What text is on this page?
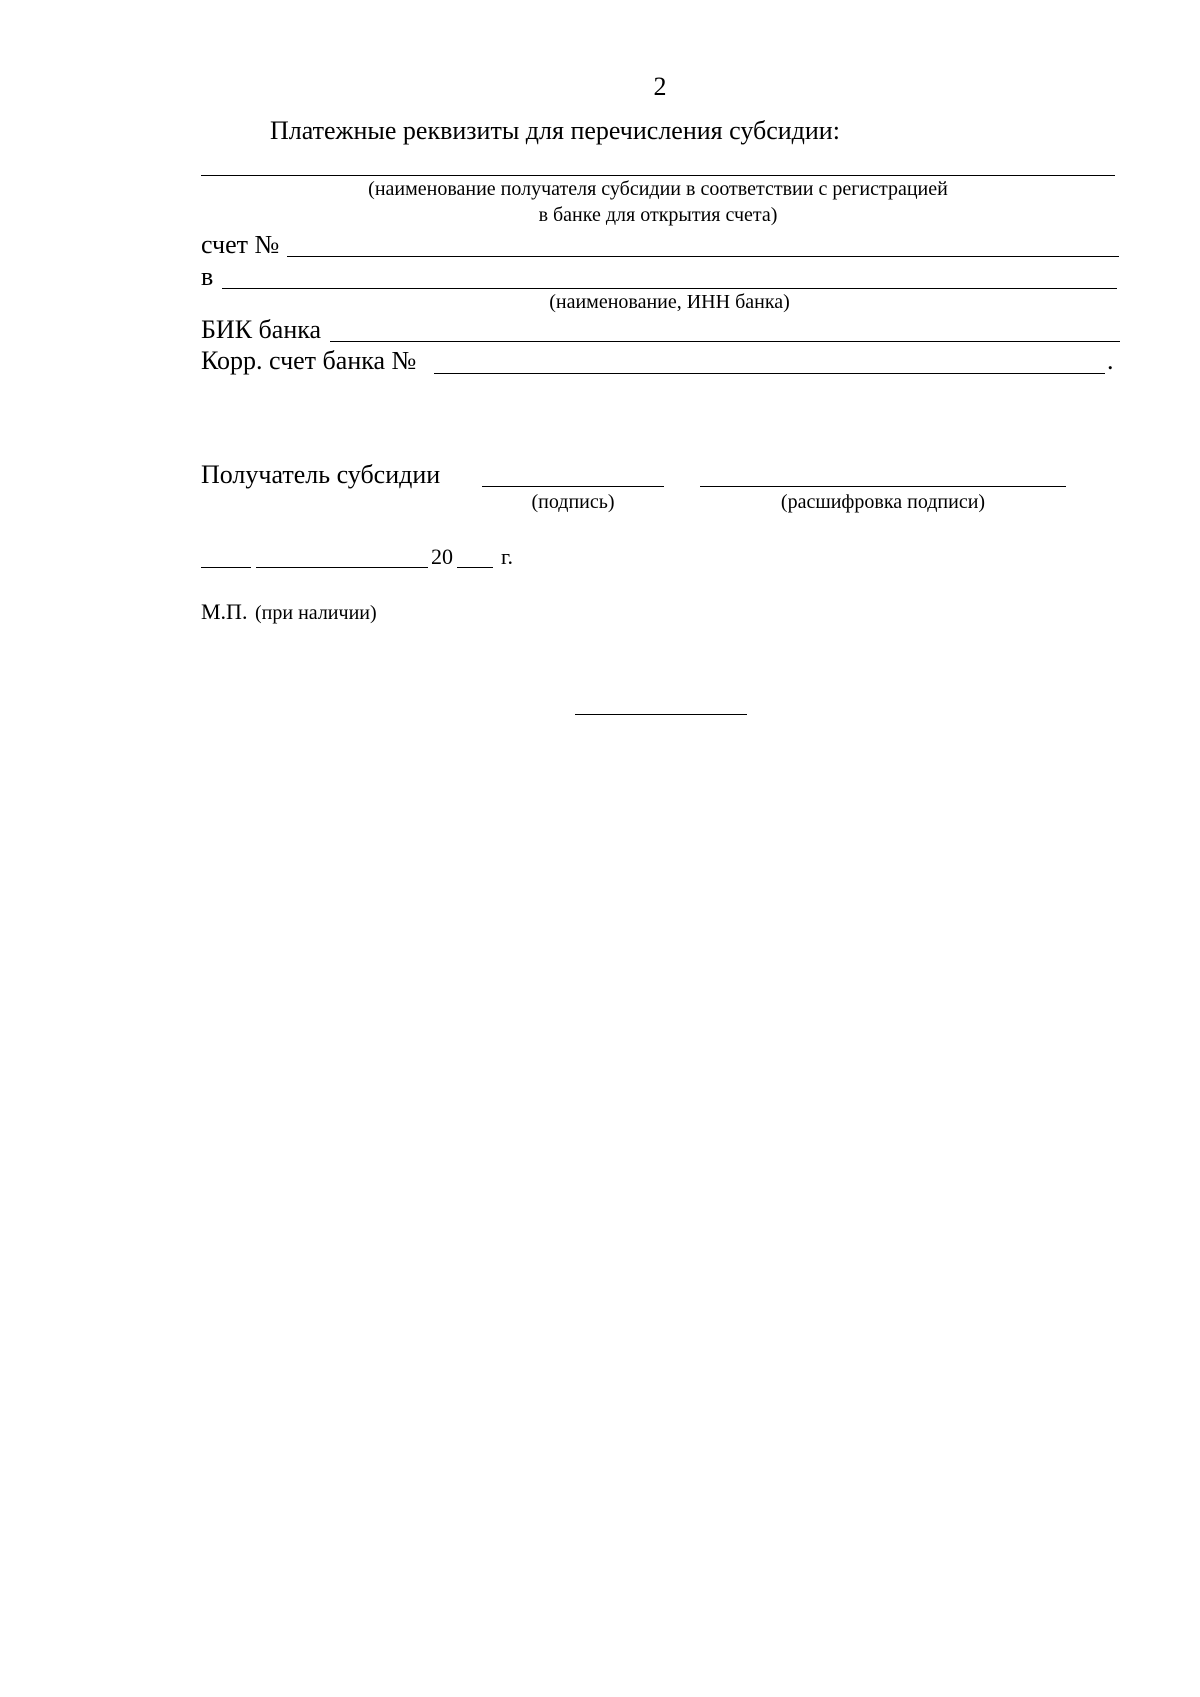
2
Платежные реквизиты для перечисления субсидии:
(наименование получателя субсидии в соответствии с регистрацией
в банке для открытия счета)
счет №
в
(наименование, ИНН банка)
БИК банка
Корр. счет банка №	.
Получатель субсидии
(подпись)	(расшифровка подписи)
20 г.
М.П. (при наличии)
